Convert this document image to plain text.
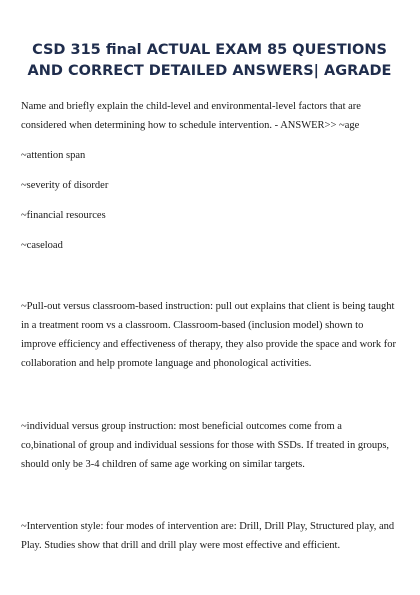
CSD 315 final ACTUAL EXAM 85 QUESTIONS
AND CORRECT DETAILED ANSWERS| AGRADE

Name and briefly explain the child-level and environmental-level factors that are considered when determining how to schedule intervention. - ANSWER>> ~age

~attention span

~severity of disorder

~financial resources

~caseload

~Pull-out versus classroom-based instruction: pull out explains that client is being taught in a treatment room vs a classroom. Classroom-based (inclusion model) shown to improve efficiency and effectiveness of therapy, they also provide the space and work for collaboration and help promote language and phonological activities.

~individual versus group instruction: most beneficial outcomes come from a co,binational of group and individual sessions for those with SSDs. If treated in groups, should only be 3-4 children of same age working on similar targets.

~Intervention style: four modes of intervention are: Drill, Drill Play, Structured play, and Play. Studies show that drill and drill play were most effective and efficient.
